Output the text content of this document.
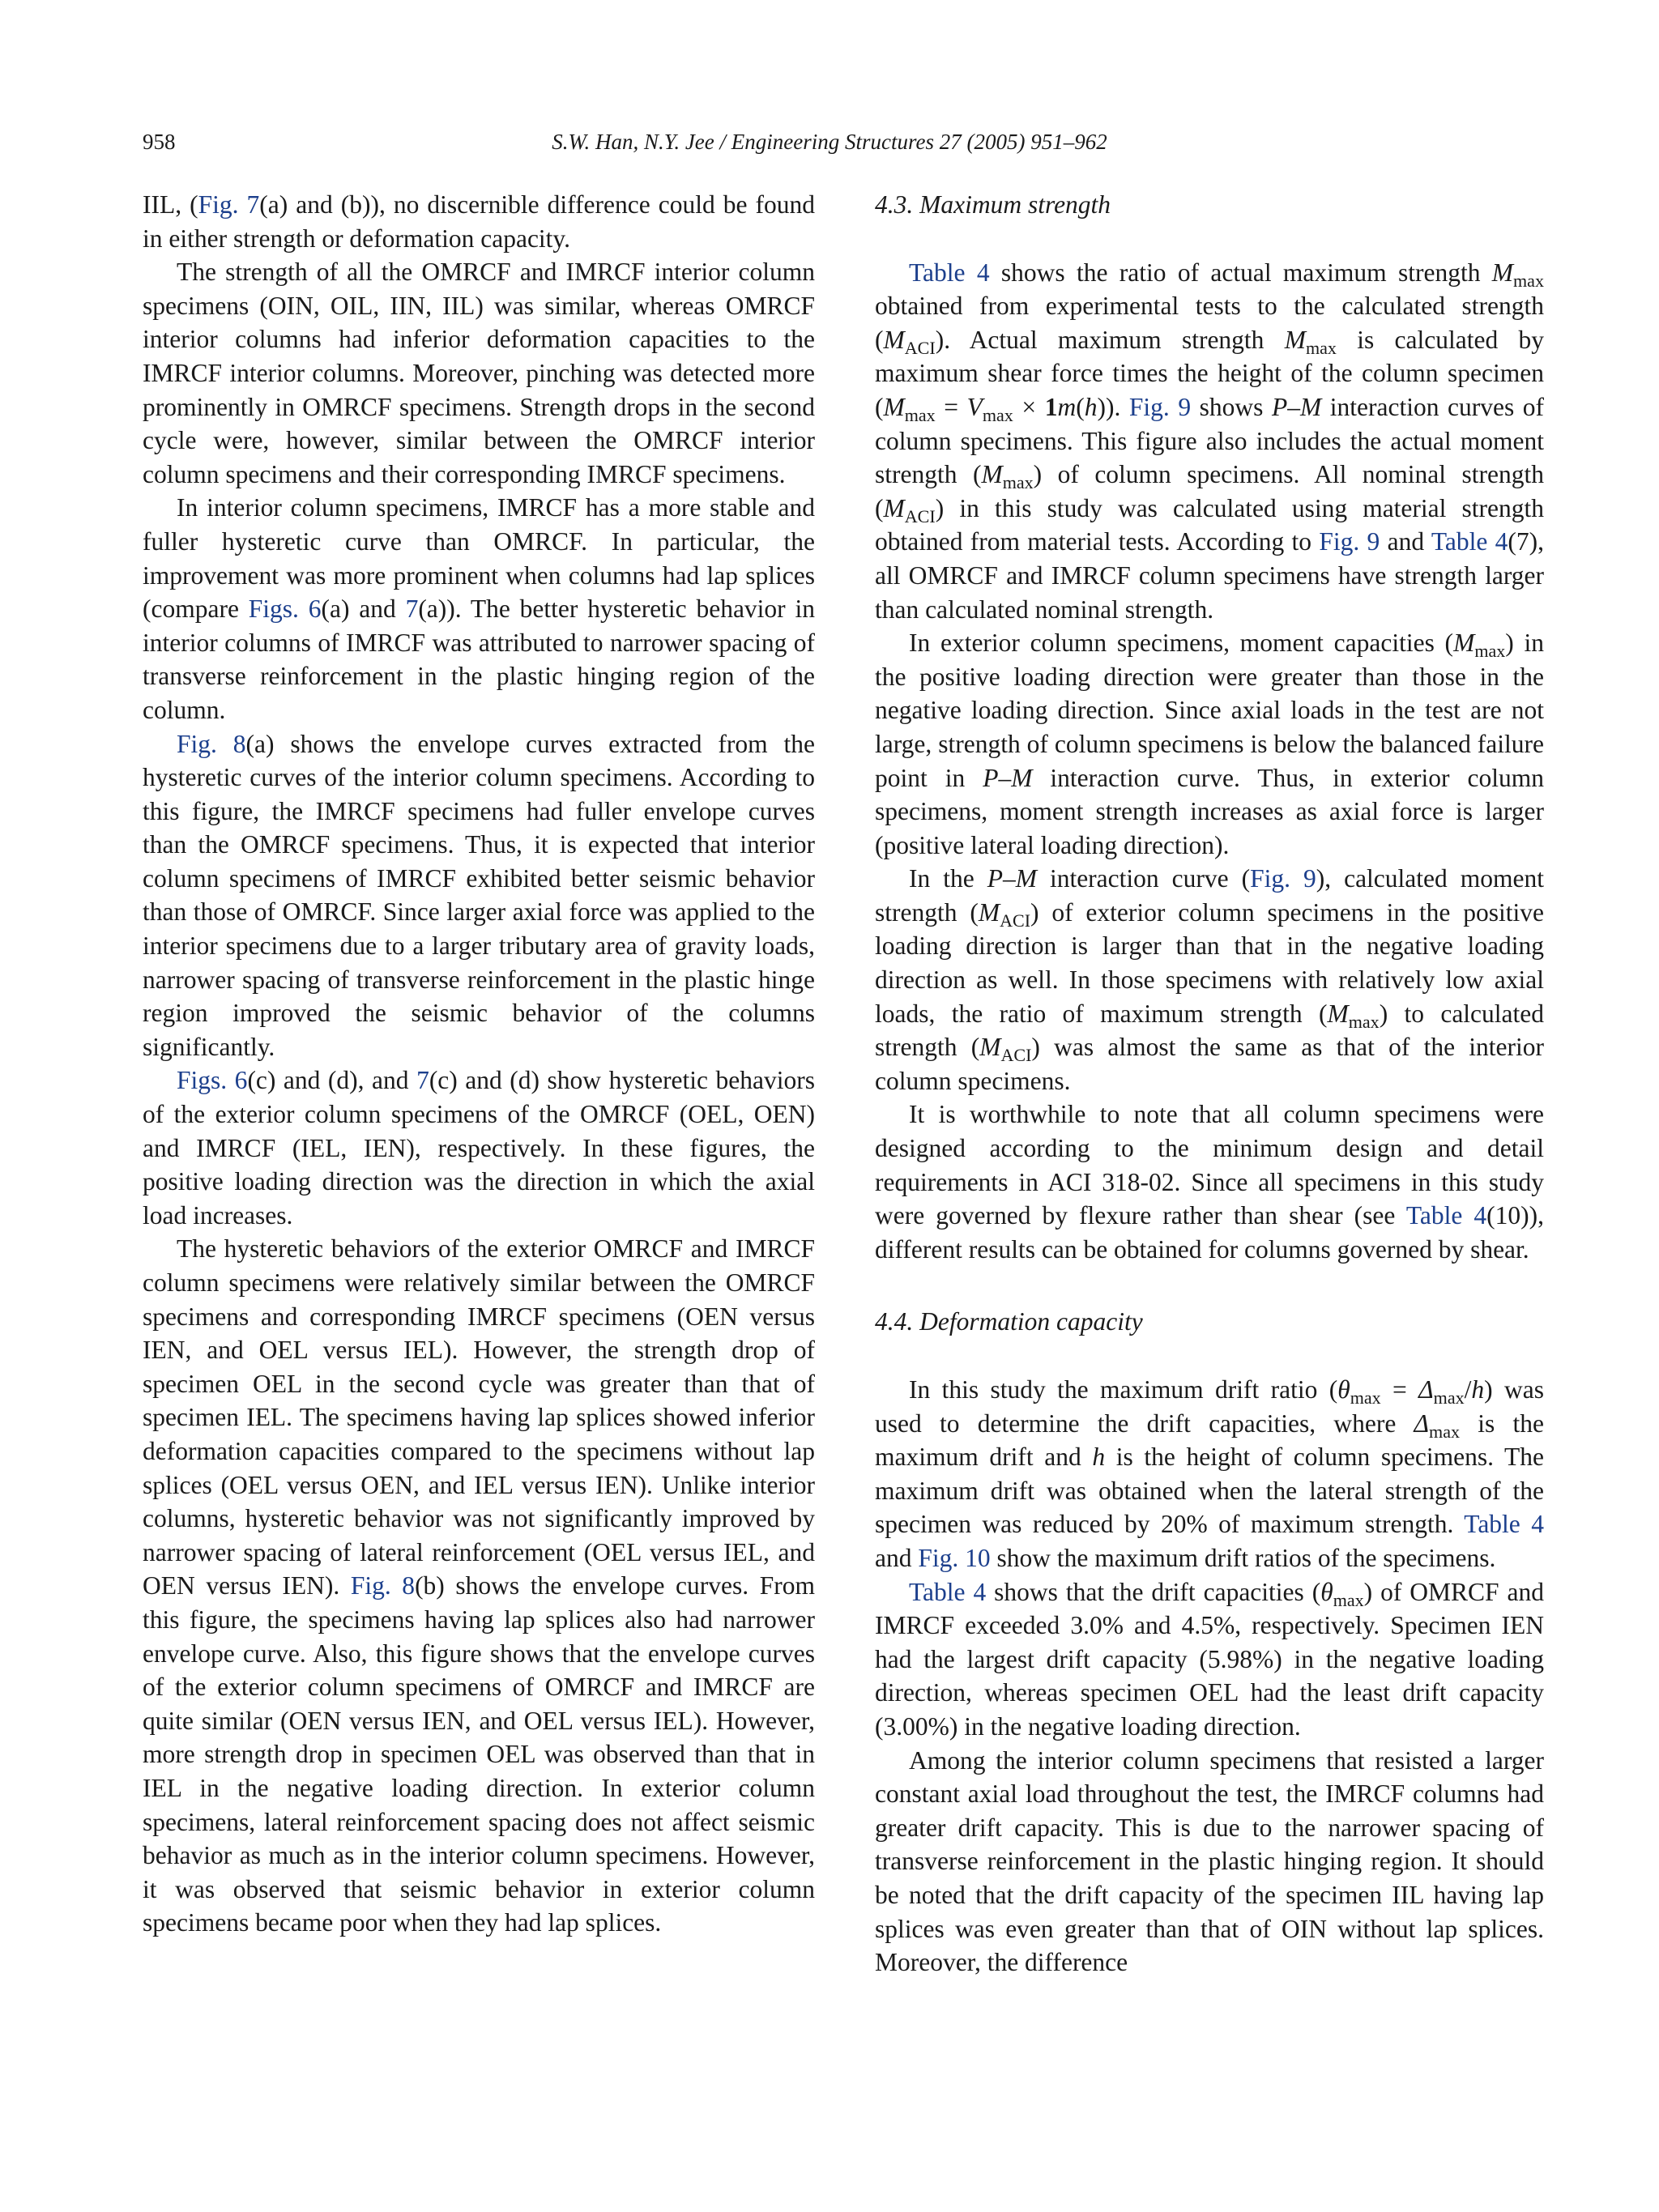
958	S.W. Han, N.Y. Jee / Engineering Structures 27 (2005) 951–962

IIL, (Fig. 7(a) and (b)), no discernible difference could be found in either strength or deformation capacity.

The strength of all the OMRCF and IMRCF interior column specimens (OIN, OIL, IIN, IIL) was similar, whereas OMRCF interior columns had inferior deformation capacities to the IMRCF interior columns. Moreover, pinching was detected more prominently in OMRCF specimens. Strength drops in the second cycle were, however, similar between the OMRCF interior column specimens and their corresponding IMRCF specimens.

In interior column specimens, IMRCF has a more stable and fuller hysteretic curve than OMRCF. In particular, the improvement was more prominent when columns had lap splices (compare Figs. 6(a) and 7(a)). The better hysteretic behavior in interior columns of IMRCF was attributed to narrower spacing of transverse reinforcement in the plastic hinging region of the column.

Fig. 8(a) shows the envelope curves extracted from the hysteretic curves of the interior column specimens. According to this figure, the IMRCF specimens had fuller envelope curves than the OMRCF specimens. Thus, it is expected that interior column specimens of IMRCF exhibited better seismic behavior than those of OMRCF. Since larger axial force was applied to the interior specimens due to a larger tributary area of gravity loads, narrower spacing of transverse reinforcement in the plastic hinge region improved the seismic behavior of the columns significantly.

Figs. 6(c) and (d), and 7(c) and (d) show hysteretic behaviors of the exterior column specimens of the OMRCF (OEL, OEN) and IMRCF (IEL, IEN), respectively. In these figures, the positive loading direction was the direction in which the axial load increases.

The hysteretic behaviors of the exterior OMRCF and IMRCF column specimens were relatively similar between the OMRCF specimens and corresponding IMRCF specimens (OEN versus IEN, and OEL versus IEL). However, the strength drop of specimen OEL in the second cycle was greater than that of specimen IEL. The specimens having lap splices showed inferior deformation capacities compared to the specimens without lap splices (OEL versus OEN, and IEL versus IEN). Unlike interior columns, hysteretic behavior was not significantly improved by narrower spacing of lateral reinforcement (OEL versus IEL, and OEN versus IEN). Fig. 8(b) shows the envelope curves. From this figure, the specimens having lap splices also had narrower envelope curve. Also, this figure shows that the envelope curves of the exterior column specimens of OMRCF and IMRCF are quite similar (OEN versus IEN, and OEL versus IEL). However, more strength drop in specimen OEL was observed than that in IEL in the negative loading direction. In exterior column specimens, lateral reinforcement spacing does not affect seismic behavior as much as in the interior column specimens. However, it was observed that seismic behavior in exterior column specimens became poor when they had lap splices.

4.3. Maximum strength

Table 4 shows the ratio of actual maximum strength $M_{max}$ obtained from experimental tests to the calculated strength $(M_{ACI})$. Actual maximum strength $M_{max}$ is calculated by maximum shear force times the height of the column specimen $(M_{max} = V_{max} \times 1m(h))$. Fig. 9 shows P–M interaction curves of column specimens. This figure also includes the actual moment strength $(M_{max})$ of column specimens. All nominal strength $(M_{ACI})$ in this study was calculated using material strength obtained from material tests. According to Fig. 9 and Table 4(7), all OMRCF and IMRCF column specimens have strength larger than calculated nominal strength.

In exterior column specimens, moment capacities $(M_{max})$ in the positive loading direction were greater than those in the negative loading direction. Since axial loads in the test are not large, strength of column specimens is below the balanced failure point in P–M interaction curve. Thus, in exterior column specimens, moment strength increases as axial force is larger (positive lateral loading direction).

In the P–M interaction curve (Fig. 9), calculated moment strength $(M_{ACI})$ of exterior column specimens in the positive loading direction is larger than that in the negative loading direction as well. In those specimens with relatively low axial loads, the ratio of maximum strength $(M_{max})$ to calculated strength $(M_{ACI})$ was almost the same as that of the interior column specimens.

It is worthwhile to note that all column specimens were designed according to the minimum design and detail requirements in ACI 318-02. Since all specimens in this study were governed by flexure rather than shear (see Table 4(10)), different results can be obtained for columns governed by shear.

4.4. Deformation capacity

In this study the maximum drift ratio $(\theta_{max} = \Delta_{max}/h)$ was used to determine the drift capacities, where $\Delta_{max}$ is the maximum drift and h is the height of column specimens. The maximum drift was obtained when the lateral strength of the specimen was reduced by 20% of maximum strength. Table 4 and Fig. 10 show the maximum drift ratios of the specimens.

Table 4 shows that the drift capacities $(\theta_{max})$ of OMRCF and IMRCF exceeded 3.0% and 4.5%, respectively. Specimen IEN had the largest drift capacity (5.98%) in the negative loading direction, whereas specimen OEL had the least drift capacity (3.00%) in the negative loading direction.

Among the interior column specimens that resisted a larger constant axial load throughout the test, the IMRCF columns had greater drift capacity. This is due to the narrower spacing of transverse reinforcement in the plastic hinging region. It should be noted that the drift capacity of the specimen IIL having lap splices was even greater than that of OIN without lap splices. Moreover, the difference
